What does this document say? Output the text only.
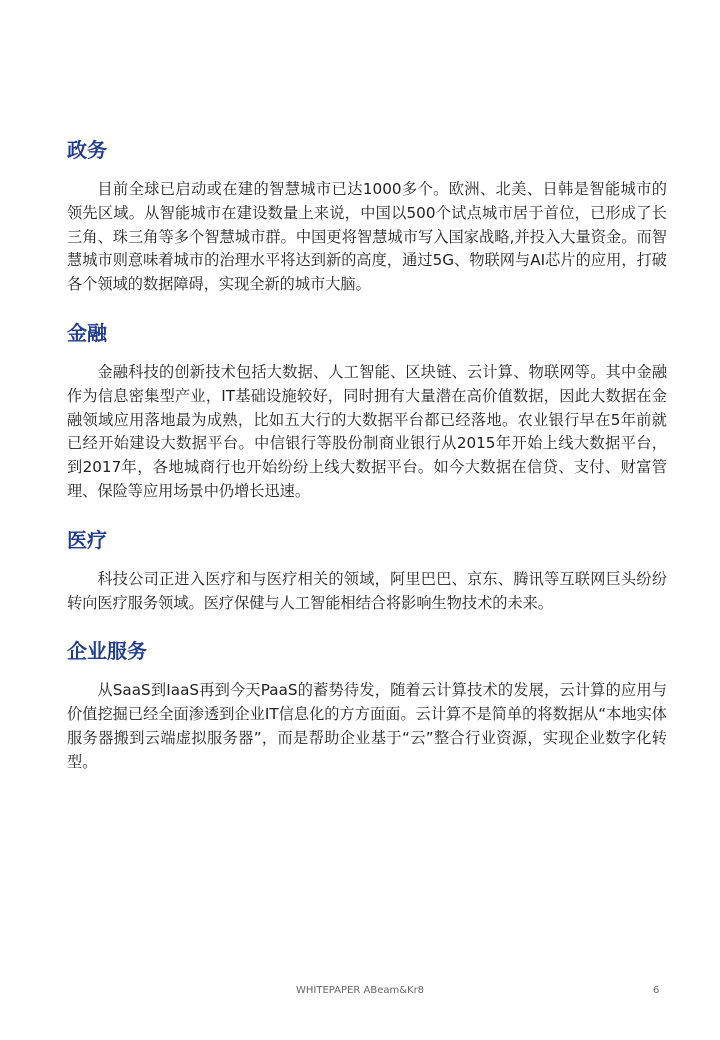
政务

目前全球已启动或在建的智慧城市已达1000多个。欧洲、北美、日韩是智能城市的领先区域。从智能城市在建设数量上来说，中国以500个试点城市居于首位，已形成了长三角、珠三角等多个智慧城市群。中国更将智慧城市写入国家战略,并投入大量资金。而智慧城市则意味着城市的治理水平将达到新的高度，通过5G、物联网与AI芯片的应用，打破各个领域的数据障碍，实现全新的城市大脑。

金融

金融科技的创新技术包括大数据、人工智能、区块链、云计算、物联网等。其中金融作为信息密集型产业，IT基础设施较好，同时拥有大量潜在高价值数据，因此大数据在金融领域应用落地最为成熟，比如五大行的大数据平台都已经落地。农业银行早在5年前就已经开始建设大数据平台。中信银行等股份制商业银行从2015年开始上线大数据平台，到2017年，各地城商行也开始纷纷上线大数据平台。如今大数据在信贷、支付、财富管理、保险等应用场景中仍增长迅速。

医疗

科技公司正进入医疗和与医疗相关的领域，阿里巴巴、京东、腾讯等互联网巨头纷纷转向医疗服务领域。医疗保健与人工智能相结合将影响生物技术的未来。

企业服务

从SaaS到IaaS再到今天PaaS的蓄势待发，随着云计算技术的发展，云计算的应用与价值挖掘已经全面渗透到企业IT信息化的方方面面。云计算不是简单的将数据从“本地实体服务器搬到云端虚拟服务器”，而是帮助企业基于“云”整合行业资源，实现企业数字化转型。

WHITEPAPER ABeam&Kr8	6
